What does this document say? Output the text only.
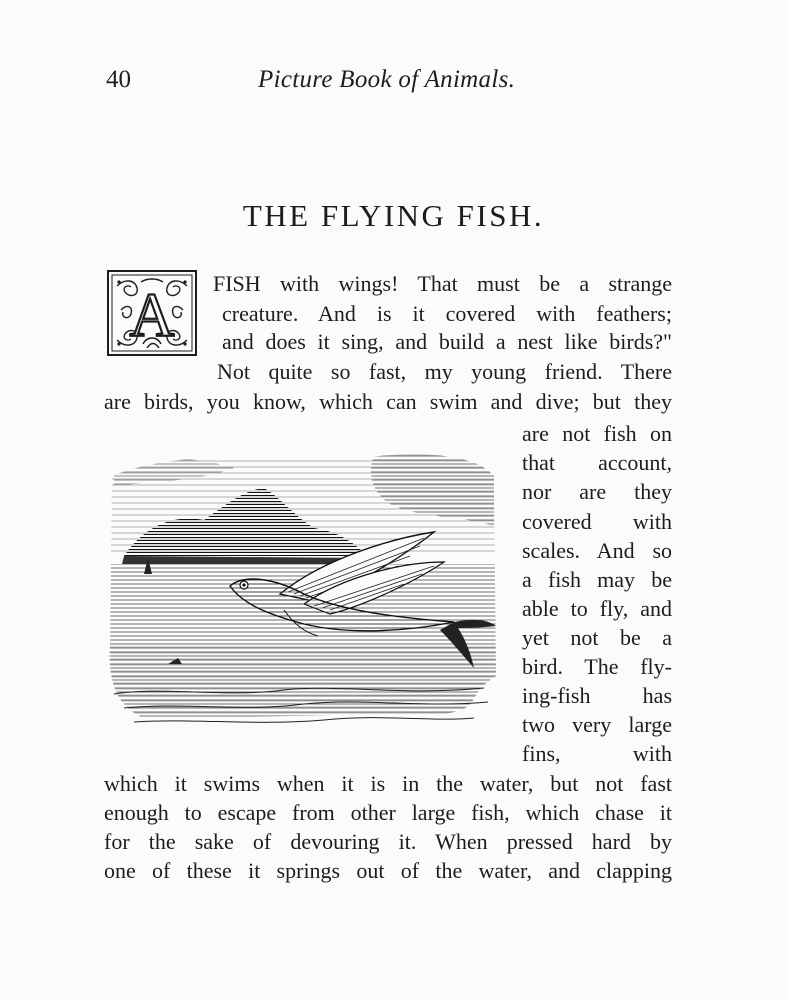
40	Picture Book of Animals.
THE FLYING FISH.
A FISH with wings! That must be a strange
creature. And is it covered with feathers;
and does it sing, and build a nest like birds?"
Not quite so fast, my young friend. There
are birds, you know, which can swim and dive; but they
are not fish on
that account,
nor are they
covered with
scales. And so
a fish may be
able to fly, and
yet not be a
bird. The fly-
ing-fish has
two very large
fins, with
which it swims when it is in the water, but not fast
enough to escape from other large fish, which chase it
for the sake of devouring it. When pressed hard by
one of these it springs out of the water, and clapping
